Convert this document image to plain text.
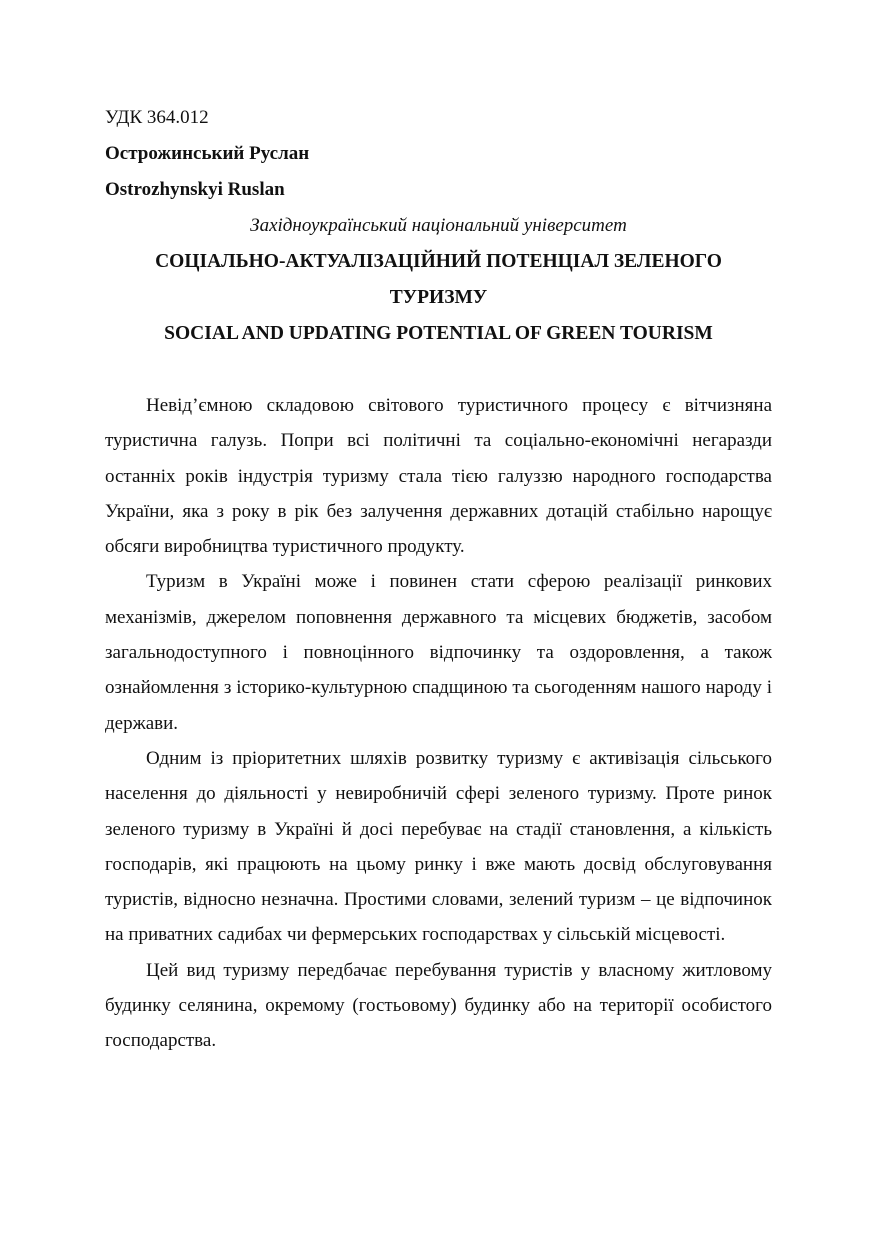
УДК 364.012

Острожинський Руслан

Ostrozhynskyi Ruslan

Західноукраїнський національний університет

СОЦІАЛЬНО-АКТУАЛІЗАЦІЙНИЙ ПОТЕНЦІАЛ ЗЕЛЕНОГО

ТУРИЗМУ

SOCIAL AND UPDATING POTENTIAL OF GREEN TOURISM

Невід’ємною складовою світового туристичного процесу є вітчизняна туристична галузь. Попри всі політичні та соціально-економічні негаразди останніх років індустрія туризму стала тією галуззю народного господарства України, яка з року в рік без залучення державних дотацій стабільно нарощує обсяги виробництва туристичного продукту.

Туризм в Україні може і повинен стати сферою реалізації ринкових механізмів, джерелом поповнення державного та місцевих бюджетів, засобом загальнодоступного і повноцінного відпочинку та оздоровлення, а також ознайомлення з історико-культурною спадщиною та сьогоденням нашого народу і держави.

Одним із пріоритетних шляхів розвитку туризму є активізація сільського населення до діяльності у невиробничій сфері зеленого туризму. Проте ринок зеленого туризму в Україні й досі перебуває на стадії становлення, а кількість господарів, які працюють на цьому ринку і вже мають досвід обслуговування туристів, відносно незначна. Простими словами, зелений туризм – це відпочинок на приватних садибах чи фермерських господарствах у сільській місцевості.

Цей вид туризму передбачає перебування туристів у власному житловому будинку селянина, окремому (гостьовому) будинку або на території особистого господарства.
